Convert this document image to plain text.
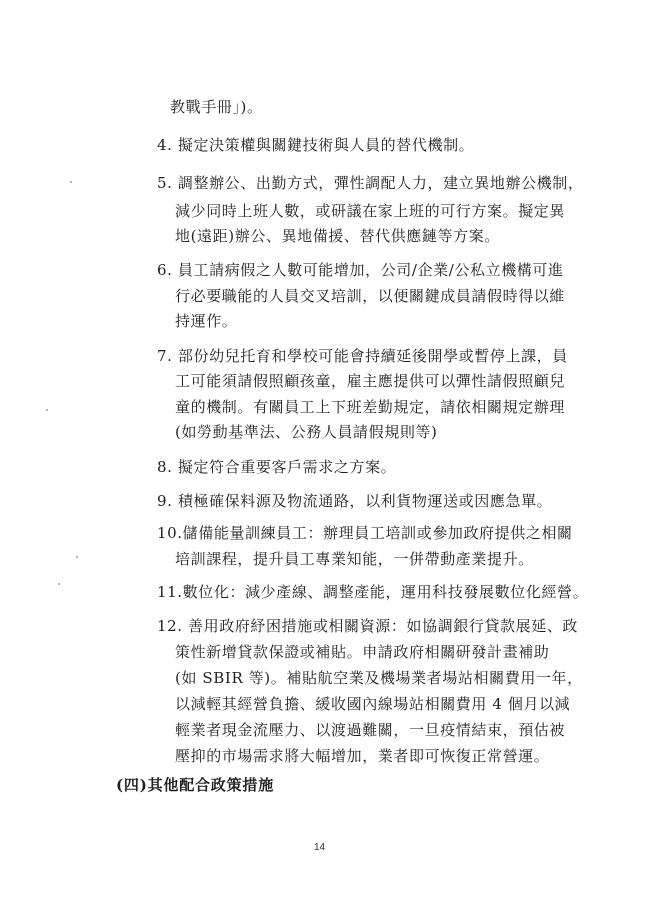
教戰手冊」)。
4. 擬定決策權與關鍵技術與人員的替代機制。
5. 調整辦公、出勤方式，彈性調配人力，建立異地辦公機制，
減少同時上班人數，或研議在家上班的可行方案。擬定異
地(遠距)辦公、異地備援、替代供應鏈等方案。
6. 員工請病假之人數可能增加，公司/企業/公私立機構可進
行必要職能的人員交叉培訓，以便關鍵成員請假時得以維
持運作。
7. 部份幼兒托育和學校可能會持續延後開學或暫停上課，員
工可能須請假照顧孩童，雇主應提供可以彈性請假照顧兒
童的機制。有關員工上下班差勤規定，請依相關規定辦理
(如勞動基準法、公務人員請假規則等)
8. 擬定符合重要客戶需求之方案。
9. 積極確保料源及物流通路，以利貨物運送或因應急單。
10.儲備能量訓練員工：辦理員工培訓或參加政府提供之相關
培訓課程，提升員工專業知能，一併帶動產業提升。
11.數位化：減少產線、調整產能，運用科技發展數位化經營。
12. 善用政府紓困措施或相關資源：如協調銀行貸款展延、政
策性新增貸款保證或補貼。申請政府相關研發計畫補助
(如 SBIR 等)。補貼航空業及機場業者場站相關費用一年，
以減輕其經營負擔、緩收國內線場站相關費用 4 個月以減
輕業者現金流壓力、以渡過難關，一旦疫情結束，預估被
壓抑的市場需求將大幅增加，業者即可恢復正常營運。
(四)其他配合政策措施
14
